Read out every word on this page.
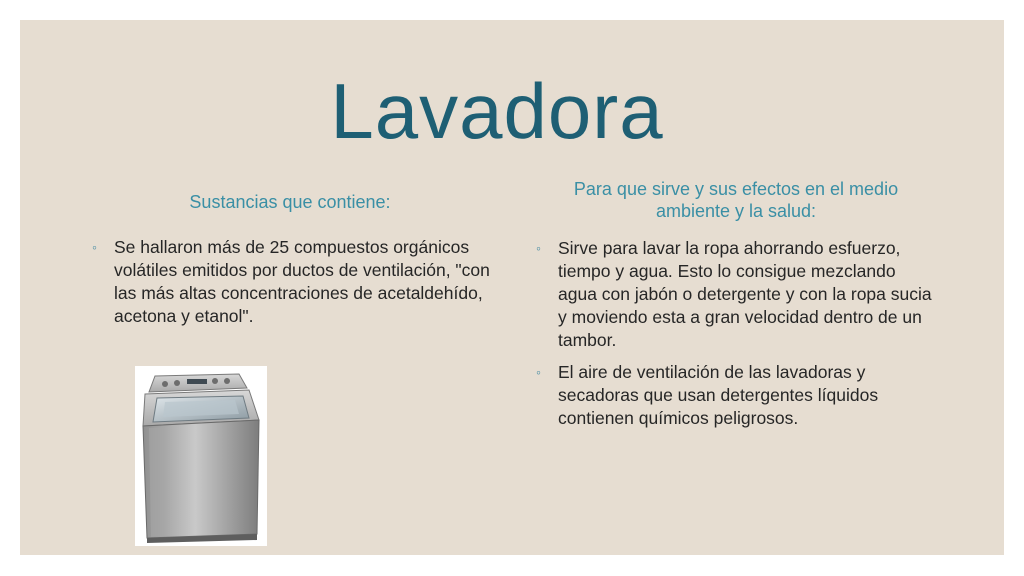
Lavadora
Sustancias que contiene:
Para que sirve y sus efectos en el medio ambiente y la salud:
◦ Se hallaron más de 25 compuestos orgánicos volátiles emitidos por ductos de ventilación, "con las más altas concentraciones de acetaldehído, acetona y etanol".
◦ Sirve para lavar la ropa ahorrando esfuerzo, tiempo y agua. Esto lo consigue mezclando agua con jabón o detergente y con la ropa sucia y moviendo esta a gran velocidad dentro de un tambor.
◦ El aire de ventilación de las lavadoras y secadoras que usan detergentes líquidos contienen químicos peligrosos.
